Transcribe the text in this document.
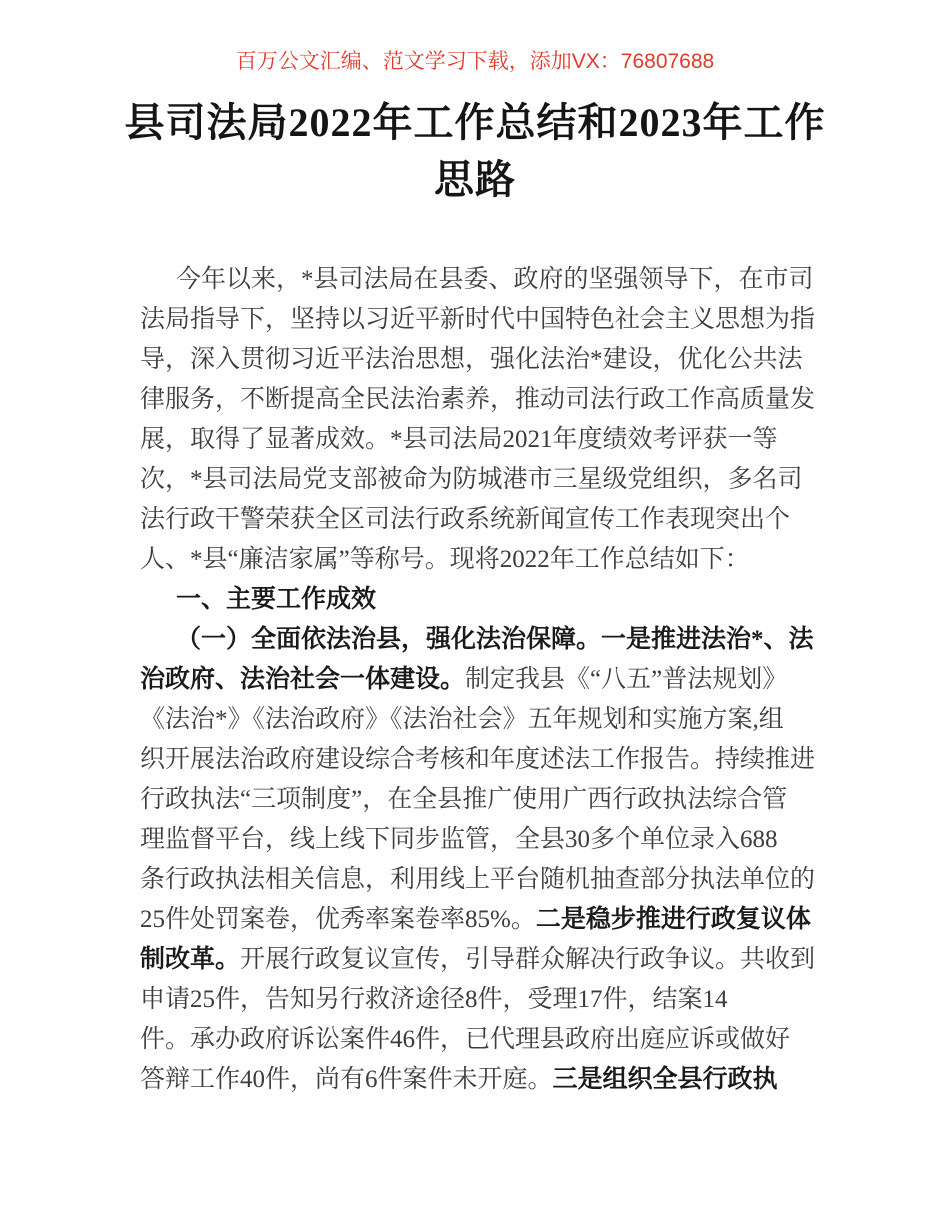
百万公文汇编、范文学习下载，添加VX：76807688
县司法局2022年工作总结和2023年工作
思路
今年以来，*县司法局在县委、政府的坚强领导下，在市司
法局指导下，坚持以习近平新时代中国特色社会主义思想为指
导，深入贯彻习近平法治思想，强化法治*建设，优化公共法
律服务，不断提高全民法治素养，推动司法行政工作高质量发
展，取得了显著成效。*县司法局2021年度绩效考评获一等
次，*县司法局党支部被命为防城港市三星级党组织，多名司
法行政干警荣获全区司法行政系统新闻宣传工作表现突出个
人、*县“廉洁家属”等称号。现将2022年工作总结如下：
一、主要工作成效
（一）全面依法治县，强化法治保障。一是推进法治*、法
治政府、法治社会一体建设。制定我县《“八五”普法规划》
《法治*》《法治政府》《法治社会》五年规划和实施方案,组
织开展法治政府建设综合考核和年度述法工作报告。持续推进
行政执法“三项制度”，在全县推广使用广西行政执法综合管
理监督平台，线上线下同步监管，全县30多个单位录入688
条行政执法相关信息，利用线上平台随机抽查部分执法单位的
25件处罚案卷，优秀率案卷率85%。二是稳步推进行政复议体
制改革。开展行政复议宣传，引导群众解决行政争议。共收到
申请25件，告知另行救济途径8件，受理17件，结案14
件。承办政府诉讼案件46件，已代理县政府出庭应诉或做好
答辩工作40件，尚有6件案件未开庭。三是组织全县行政执
